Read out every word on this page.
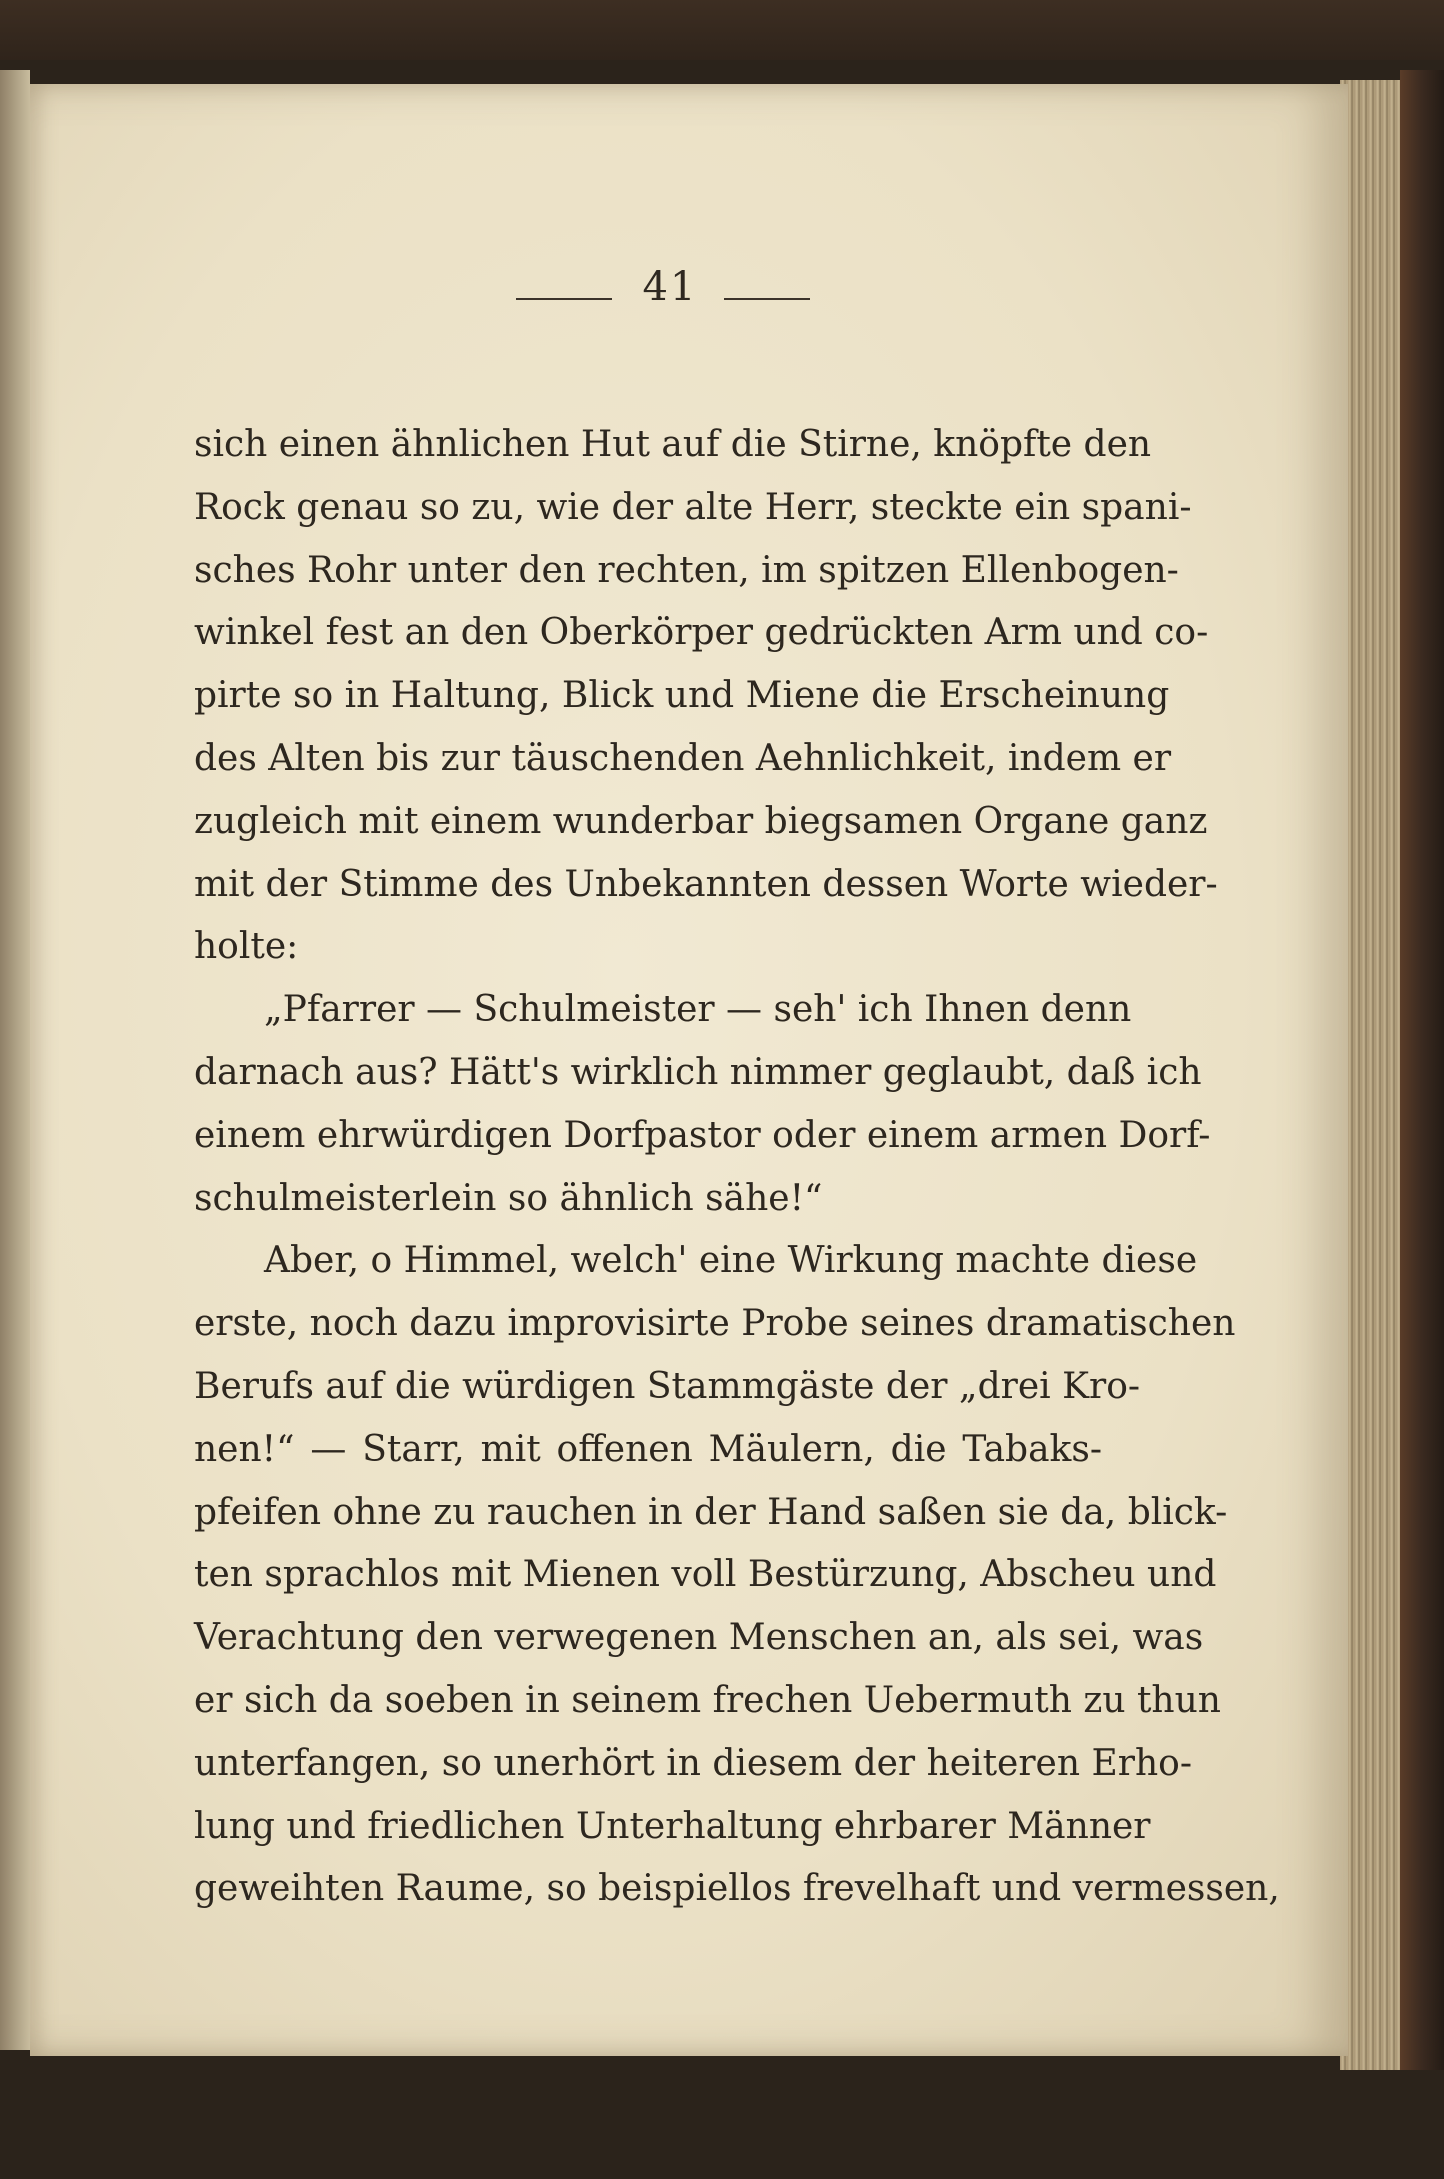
41
sich einen ähnlichen Hut auf die Stirne, knöpfte den
Rock genau so zu, wie der alte Herr, steckte ein spani-
sches Rohr unter den rechten, im spitzen Ellenbogen-
winkel fest an den Oberkörper gedrückten Arm und co-
pirte so in Haltung, Blick und Miene die Erscheinung
des Alten bis zur täuschenden Aehnlichkeit, indem er
zugleich mit einem wunderbar biegsamen Organe ganz
mit der Stimme des Unbekannten dessen Worte wieder-
holte:
„Pfarrer — Schulmeister — seh' ich Ihnen denn
darnach aus? Hätt's wirklich nimmer geglaubt, daß ich
einem ehrwürdigen Dorfpastor oder einem armen Dorf-
schulmeisterlein so ähnlich sähe!“
Aber, o Himmel, welch' eine Wirkung machte diese
erste, noch dazu improvisirte Probe seines dramatischen
Berufs auf die würdigen Stammgäste der „drei Kro-
nen!“ — Starr, mit offenen Mäulern, die Tabaks-
pfeifen ohne zu rauchen in der Hand saßen sie da, blick-
ten sprachlos mit Mienen voll Bestürzung, Abscheu und
Verachtung den verwegenen Menschen an, als sei, was
er sich da soeben in seinem frechen Uebermuth zu thun
unterfangen, so unerhört in diesem der heiteren Erho-
lung und friedlichen Unterhaltung ehrbarer Männer
geweihten Raume, so beispiellos frevelhaft und vermessen,
